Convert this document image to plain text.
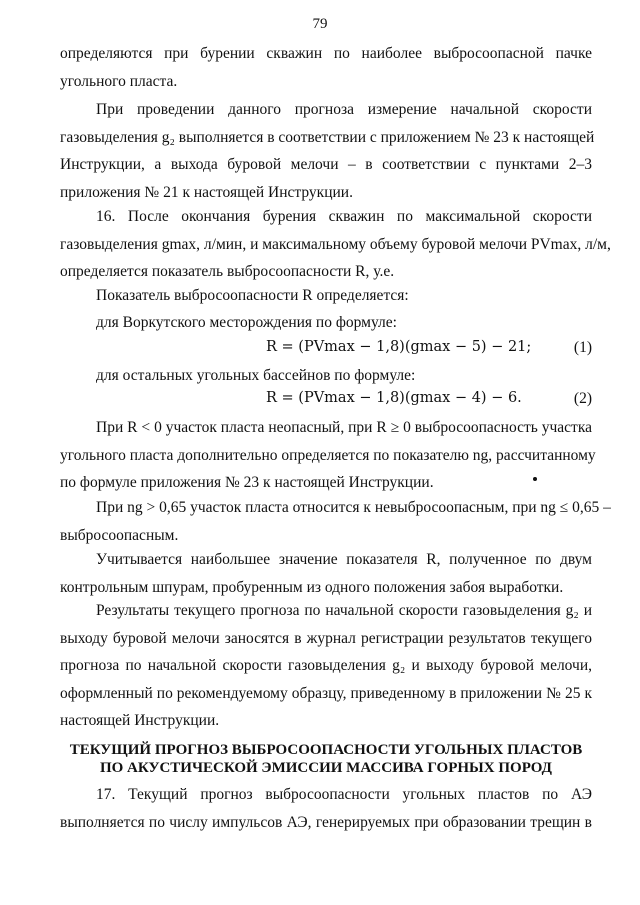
79
определяются при бурении скважин по наиболее выбросоопасной пачке
угольного пласта.
При проведении данного прогноза измерение начальной скорости
газовыделения g₂ выполняется в соответствии с приложением № 23 к настоящей
Инструкции, а выхода буровой мелочи – в соответствии с пунктами 2–3
приложения № 21 к настоящей Инструкции.
16. После окончания бурения скважин по максимальной скорости
газовыделения gmax, л/мин, и максимальному объему буровой мелочи PVmax, л/м,
определяется показатель выбросоопасности R, у.е.
Показатель выбросоопасности R определяется:
для Воркутского месторождения по формуле:
R = (PVmax − 1,8)(gmax − 5) − 21;	(1)
для остальных угольных бассейнов по формуле:
R = (PVmax − 1,8)(gmax − 4) − 6.	(2)
При R < 0 участок пласта неопасный, при R ≥ 0 выбросоопасность участка
угольного пласта дополнительно определяется по показателю ng, рассчитанному
по формуле приложения № 23 к настоящей Инструкции.
При ng > 0,65 участок пласта относится к невыбросоопасным, при ng ≤ 0,65 –
выбросоопасным.
Учитывается наибольшее значение показателя R, полученное по двум
контрольным шпурам, пробуренным из одного положения забоя выработки.
Результаты текущего прогноза по начальной скорости газовыделения g₂ и
выходу буровой мелочи заносятся в журнал регистрации результатов текущего
прогноза по начальной скорости газовыделения g₂ и выходу буровой мелочи,
оформленный по рекомендуемому образцу, приведенному в приложении № 25 к
настоящей Инструкции.
ТЕКУЩИЙ ПРОГНОЗ ВЫБРОСООПАСНОСТИ УГОЛЬНЫХ ПЛАСТОВ
ПО АКУСТИЧЕСКОЙ ЭМИССИИ МАССИВА ГОРНЫХ ПОРОД
17. Текущий прогноз выбросоопасности угольных пластов по АЭ
выполняется по числу импульсов АЭ, генерируемых при образовании трещин в
